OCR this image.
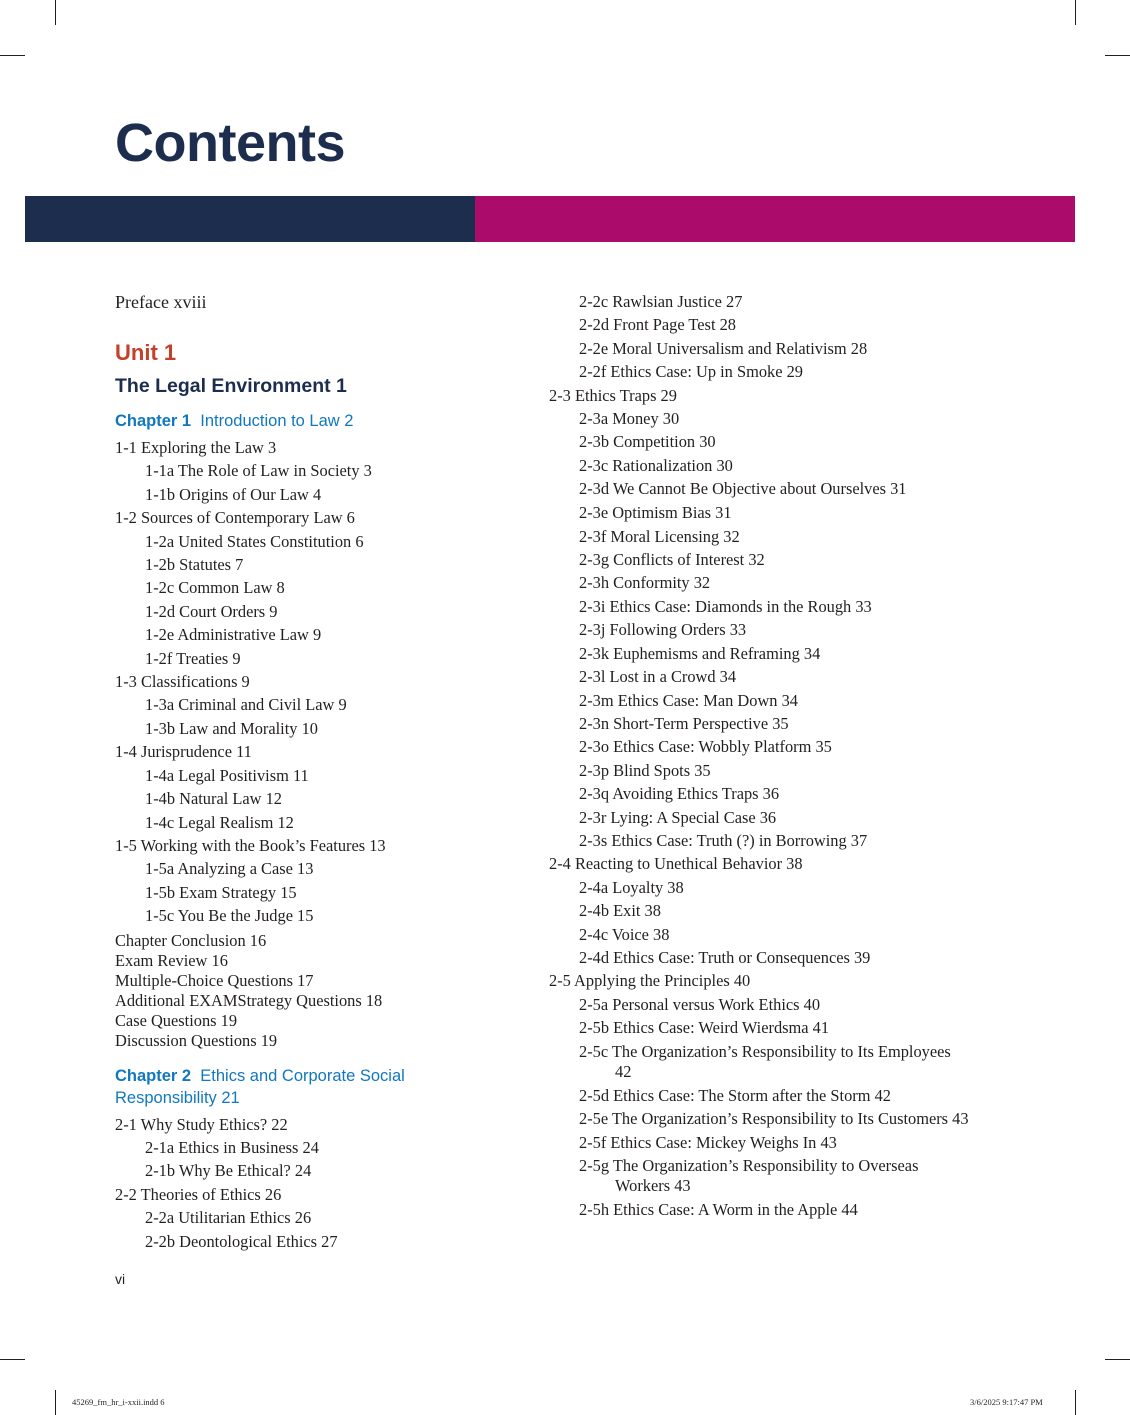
Contents
Preface xviii
Unit 1
The Legal Environment 1
Chapter 1 Introduction to Law 2
1-1 Exploring the Law 3
1-1a The Role of Law in Society 3
1-1b Origins of Our Law 4
1-2 Sources of Contemporary Law 6
1-2a United States Constitution 6
1-2b Statutes 7
1-2c Common Law 8
1-2d Court Orders 9
1-2e Administrative Law 9
1-2f Treaties 9
1-3 Classifications 9
1-3a Criminal and Civil Law 9
1-3b Law and Morality 10
1-4 Jurisprudence 11
1-4a Legal Positivism 11
1-4b Natural Law 12
1-4c Legal Realism 12
1-5 Working with the Book’s Features 13
1-5a Analyzing a Case 13
1-5b Exam Strategy 15
1-5c You Be the Judge 15
Chapter Conclusion 16
Exam Review 16
Multiple-Choice Questions 17
Additional EXAMStrategy Questions 18
Case Questions 19
Discussion Questions 19
Chapter 2 Ethics and Corporate Social
Responsibility 21
2-1 Why Study Ethics? 22
2-1a Ethics in Business 24
2-1b Why Be Ethical? 24
2-2 Theories of Ethics 26
2-2a Utilitarian Ethics 26
2-2b Deontological Ethics 27
2-2c Rawlsian Justice 27
2-2d Front Page Test 28
2-2e Moral Universalism and Relativism 28
2-2f Ethics Case: Up in Smoke 29
2-3 Ethics Traps 29
2-3a Money 30
2-3b Competition 30
2-3c Rationalization 30
2-3d We Cannot Be Objective about Ourselves 31
2-3e Optimism Bias 31
2-3f Moral Licensing 32
2-3g Conflicts of Interest 32
2-3h Conformity 32
2-3i Ethics Case: Diamonds in the Rough 33
2-3j Following Orders 33
2-3k Euphemisms and Reframing 34
2-3l Lost in a Crowd 34
2-3m Ethics Case: Man Down 34
2-3n Short-Term Perspective 35
2-3o Ethics Case: Wobbly Platform 35
2-3p Blind Spots 35
2-3q Avoiding Ethics Traps 36
2-3r Lying: A Special Case 36
2-3s Ethics Case: Truth (?) in Borrowing 37
2-4 Reacting to Unethical Behavior 38
2-4a Loyalty 38
2-4b Exit 38
2-4c Voice 38
2-4d Ethics Case: Truth or Consequences 39
2-5 Applying the Principles 40
2-5a Personal versus Work Ethics 40
2-5b Ethics Case: Weird Wierdsma 41
2-5c The Organization’s Responsibility to Its Employees 42
2-5d Ethics Case: The Storm after the Storm 42
2-5e The Organization’s Responsibility to Its Customers 43
2-5f Ethics Case: Mickey Weighs In 43
2-5g The Organization’s Responsibility to Overseas Workers 43
2-5h Ethics Case: A Worm in the Apple 44
vi
45269_fm_hr_i-xxii.indd 6	3/6/2025 9:17:47 PM
